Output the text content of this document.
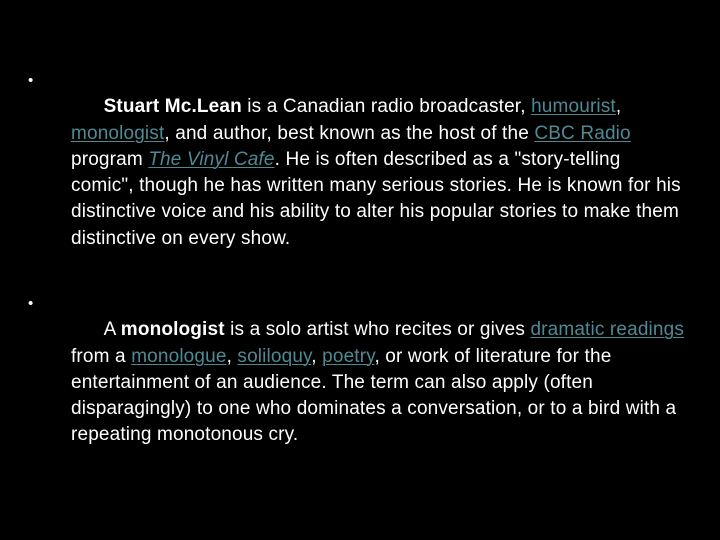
•

Stuart Mc.Lean is a Canadian radio broadcaster, humourist, monologist, and author, best known as the host of the CBC Radio program The Vinyl Cafe. He is often described as a "story-telling comic", though he has written many serious stories. He is known for his distinctive voice and his ability to alter his popular stories to make them distinctive on every show.

•

A monologist is a solo artist who recites or gives dramatic readings from a monologue, soliloquy, poetry, or work of literature for the entertainment of an audience. The term can also apply (often disparagingly) to one who dominates a conversation, or to a bird with a repeating monotonous cry.
